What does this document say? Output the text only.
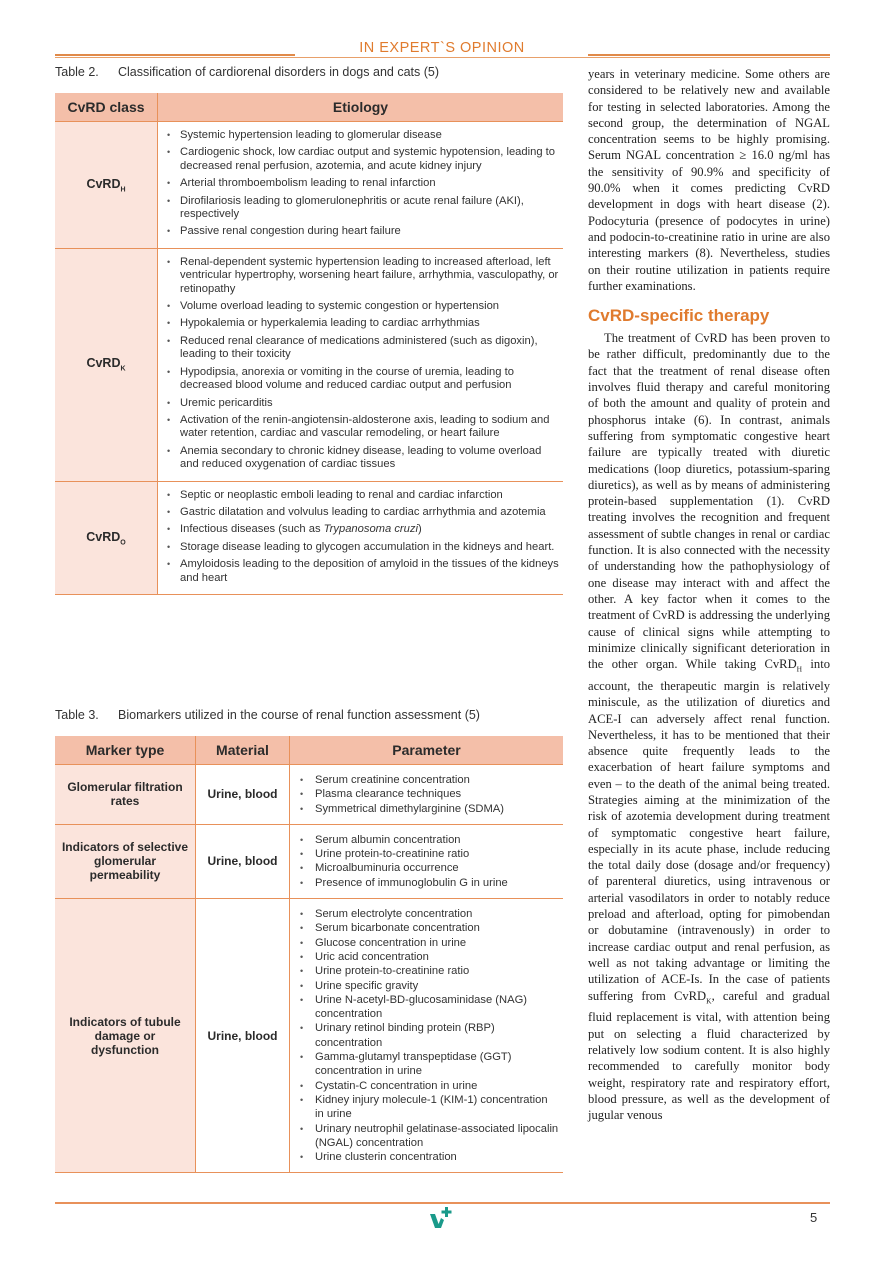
IN EXPERT`S OPINION
Table 2. Classification of cardiorenal disorders in dogs and cats (5)
CvRD class	Etiology
CvRD$_H$	
• Systemic hypertension leading to glomerular disease
• Cardiogenic shock, low cardiac output and systemic hypotension, leading to decreased renal perfusion, azotemia, and acute kidney injury
• Arterial thromboembolism leading to renal infarction
• Dirofilariosis leading to glomerulonephritis or acute renal failure (AKI), respectively
• Passive renal congestion during heart failure

CvRD$_K$	
• Renal-dependent systemic hypertension leading to increased afterload, left ventricular hypertrophy, worsening heart failure, arrhythmia, vasculopathy, or retinopathy
• Volume overload leading to systemic congestion or hypertension
• Hypokalemia or hyperkalemia leading to cardiac arrhythmias
• Reduced renal clearance of medications administered (such as digoxin), leading to their toxicity
• Hypodipsia, anorexia or vomiting in the course of uremia, leading to decreased blood volume and reduced cardiac output and perfusion
• Uremic pericarditis
• Activation of the renin-angiotensin-aldosterone axis, leading to sodium and water retention, cardiac and vascular remodeling, or heart failure
• Anemia secondary to chronic kidney disease, leading to volume overload and reduced oxygenation of cardiac tissues

CvRD$_O$	
• Septic or neoplastic emboli leading to renal and cardiac infarction
• Gastric dilatation and volvulus leading to cardiac arrhythmia and azotemia
• Infectious diseases (such as Trypanosoma cruzi)
• Storage disease leading to glycogen accumulation in the kidneys and heart.
• Amyloidosis leading to the deposition of amyloid in the tissues of the kidneys and heart
Table 3. Biomarkers utilized in the course of renal function assessment (5)
Marker type	Material	Parameter
Glomerular filtration rates	Urine, blood	
• Serum creatinine concentration
• Plasma clearance techniques
• Symmetrical dimethylarginine (SDMA)

Indicators of selective glomerular permeability	Urine, blood	
• Serum albumin concentration
• Urine protein-to-creatinine ratio
• Microalbuminuria occurrence
• Presence of immunoglobulin G in urine

Indicators of tubule damage or dysfunction	Urine, blood	
• Serum electrolyte concentration
• Serum bicarbonate concentration
• Glucose concentration in urine
• Uric acid concentration
• Urine protein-to-creatinine ratio
• Urine specific gravity
• Urine N-acetyl-BD-glucosaminidase (NAG) concentration
• Urinary retinol binding protein (RBP) concentration
• Gamma-glutamyl transpeptidase (GGT) concentration in urine
• Cystatin-C concentration in urine
• Kidney injury molecule-1 (KIM-1) concentration in urine
• Urinary neutrophil gelatinase-associated lipocalin (NGAL) concentration
• Urine clusterin concentration

years in veterinary medicine. Some others are considered to be relatively new and available for testing in selected laboratories. Among the second group, the determination of NGAL concentration seems to be highly promising. Serum NGAL concentration ≥ 16.0 ng/ml has the sensitivity of 90.9% and specificity of 90.0% when it comes predicting CvRD development in dogs with heart disease (2). Podocyturia (presence of podocytes in urine) and podocin-to-creatinine ratio in urine are also interesting markers (8). Nevertheless, studies on their routine utilization in patients require further examinations.

CvRD-specific therapy

The treatment of CvRD has been proven to be rather difficult, predominantly due to the fact that the treatment of renal disease often involves fluid therapy and careful monitoring of both the amount and quality of protein and phosphorus intake (6). In contrast, animals suffering from symptomatic congestive heart failure are typically treated with diuretic medications (loop diuretics, potassium-sparing diuretics), as well as by means of administering protein-based supplementation (1). CvRD treating involves the recognition and frequent assessment of subtle changes in renal or cardiac function. It is also connected with the necessity of understanding how the pathophysiology of one disease may interact with and affect the other. A key factor when it comes to the treatment of CvRD is addressing the underlying cause of clinical signs while attempting to minimize clinically significant deterioration in the other organ. While taking CvRD$_H$ into account, the therapeutic margin is relatively miniscule, as the utilization of diuretics and ACE-I can adversely affect renal function. Nevertheless, it has to be mentioned that their absence quite frequently leads to the exacerbation of heart failure symptoms and even – to the death of the animal being treated. Strategies aiming at the minimization of the risk of azotemia development during treatment of symptomatic congestive heart failure, especially in its acute phase, include reducing the total daily dose (dosage and/or frequency) of parenteral diuretics, using intravenous or arterial vasodilators in order to notably reduce preload and afterload, opting for pimobendan or dobutamine (intravenously) in order to increase cardiac output and renal perfusion, as well as not taking advantage or limiting the utilization of ACE-Is. In the case of patients suffering from CvRD$_K$, careful and gradual fluid replacement is vital, with attention being put on selecting a fluid characterized by relatively low sodium content. It is also highly recommended to carefully monitor body weight, respiratory rate and respiratory effort, blood pressure, as well as the development of jugular venous

5
